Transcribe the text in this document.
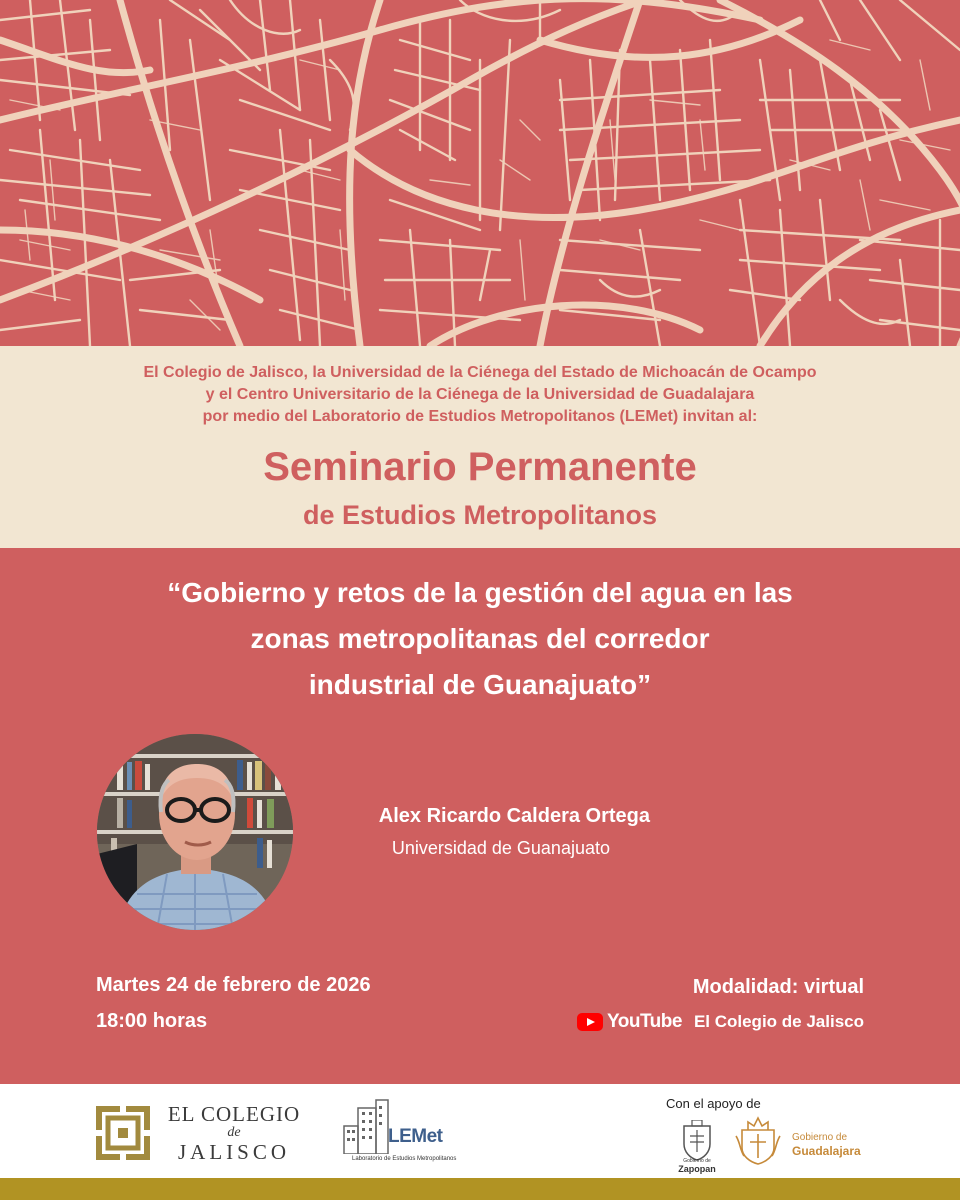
El Colegio de Jalisco, la Universidad de la Ciénega del Estado de Michoacán de Ocampo

y el Centro Universitario de la Ciénega de la Universidad de Guadalajara

por medio del Laboratorio de Estudios Metropolitanos (LEMet) invitan al:

Seminario Permanente
de Estudios Metropolitanos
“Gobierno y retos de la gestión del agua en las
zonas metropolitanas del corredor
industrial de Guanajuato”

Alex Ricardo Caldera Ortega

Universidad de Guanajuato

Martes 24 de febrero de 2026

18:00 horas

Modalidad: virtual

YouTube El Colegio de Jalisco
EL COLEGIO
de
JALISCO
LEMet
Laboratorio de Estudios Metropolitanos

Con el apoyo de

Gobierno de
Zapopan
Gobierno de
Guadalajara
